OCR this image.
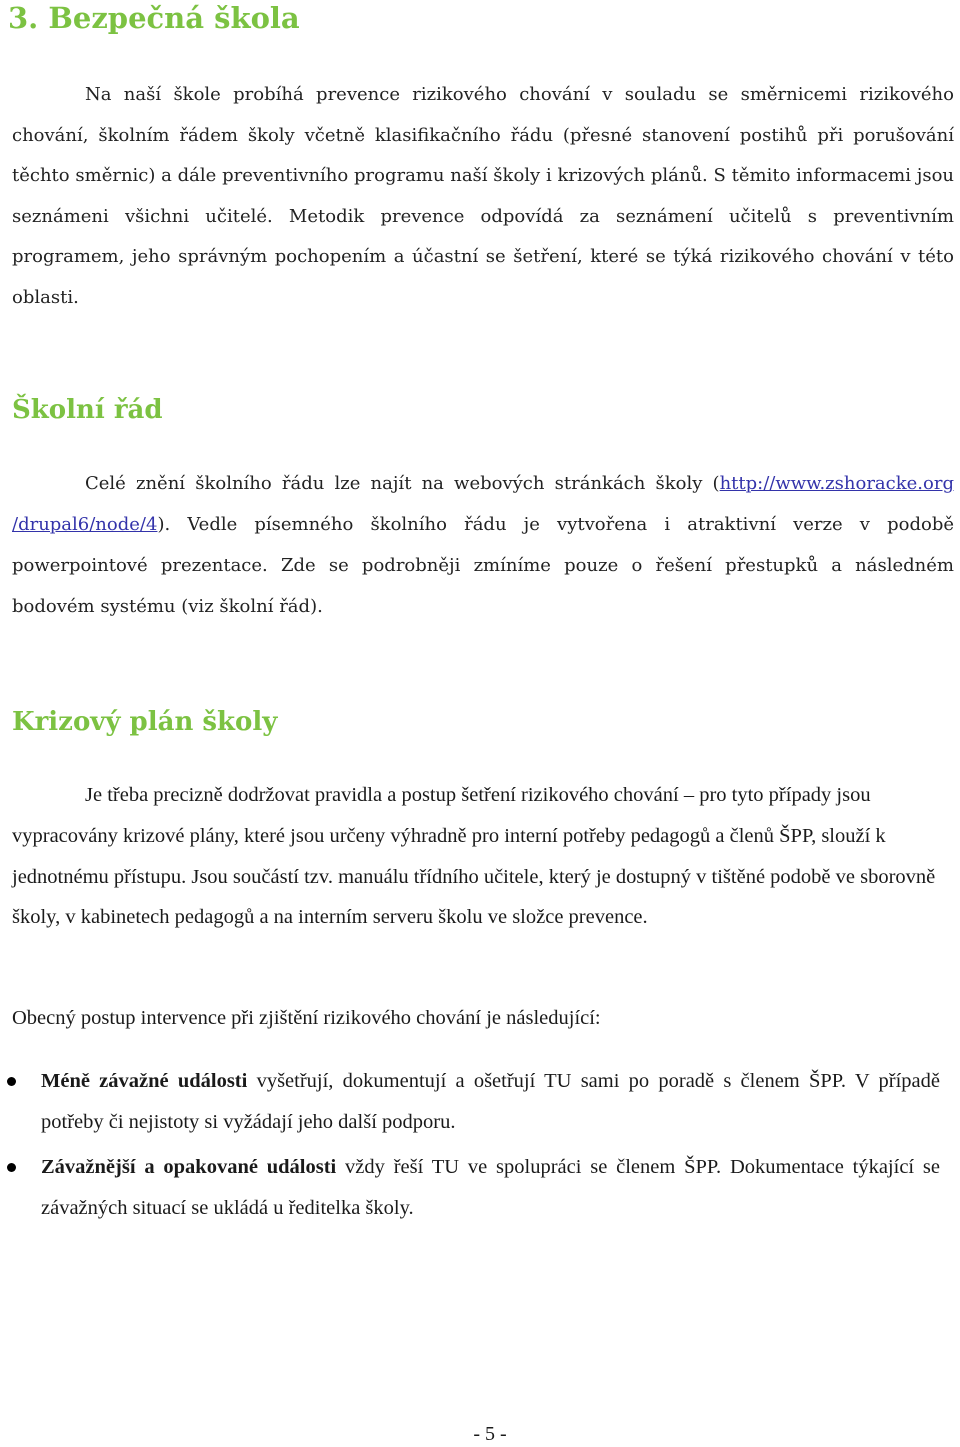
3. Bezpečná škola

Na naší škole probíhá prevence rizikového chování v souladu se směrnicemi rizikového chování, školním řádem školy včetně klasifikačního řádu (přesné stanovení postihů při porušování těchto směrnic) a dále preventivního programu naší školy i krizových plánů. S těmito informacemi jsou seznámeni všichni učitelé. Metodik prevence odpovídá za seznámení učitelů s preventivním programem, jeho správným pochopením a účastní se šetření, které se týká rizikového chování v této oblasti.

Školní řád

Celé znění školního řádu lze najít na webových stránkách školy (http://www.zshoracke.org /drupal6/node/4). Vedle písemného školního řádu je vytvořena i atraktivní verze v podobě powerpointové prezentace. Zde se podrobněji zmíníme pouze o řešení přestupků a následném bodovém systému (viz školní řád).

Krizový plán školy

Je třeba precizně dodržovat pravidla a postup šetření rizikového chování – pro tyto případy jsou vypracovány krizové plány, které jsou určeny výhradně pro interní potřeby pedagogů a členů ŠPP, slouží k jednotnému přístupu. Jsou součástí tzv. manuálu třídního učitele, který je dostupný v tištěné podobě ve sborovně školy, v kabinetech pedagogů a na interním serveru školu ve složce prevence.

Obecný postup intervence při zjištění rizikového chování je následující:

Méně závažné události vyšetřují, dokumentují a ošetřují TU sami po poradě s členem ŠPP. V případě potřeby či nejistoty si vyžádají jeho další podporu.
Závažnější a opakované události vždy řeší TU ve spolupráci se členem ŠPP. Dokumentace týkající se závažných situací se ukládá u ředitelka školy.
- 5 -
